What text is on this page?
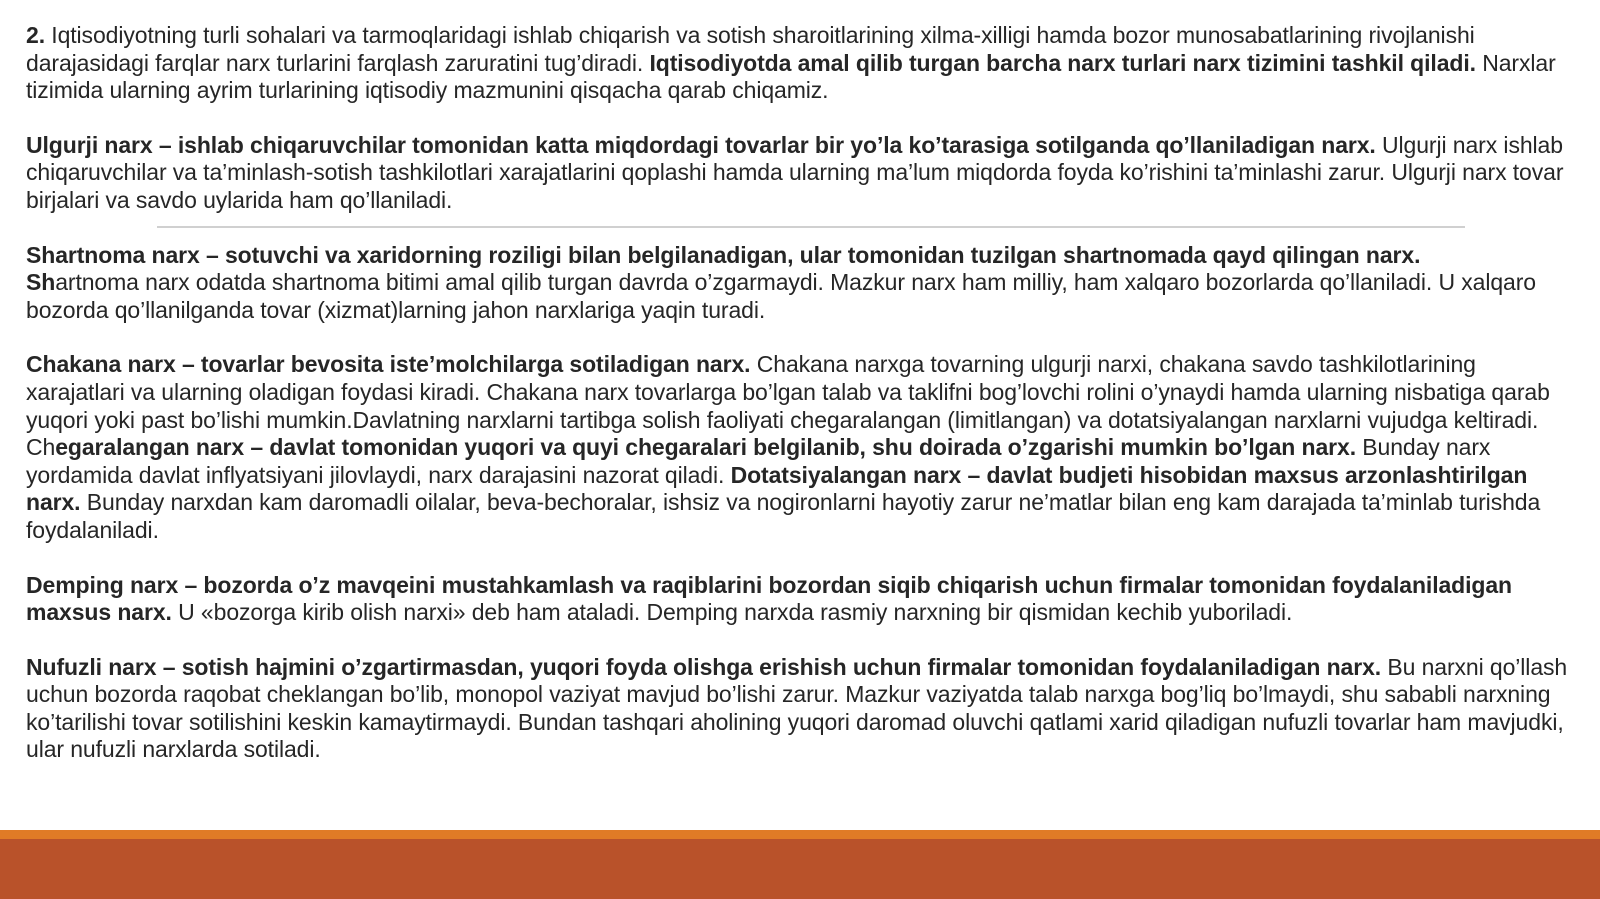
2. Iqtisodiyotning turli sohalari va tarmoqlaridagi ishlab chiqarish va sotish sharoitlarining xilma-xilligi hamda bozor munosabatlarining rivojlanishi darajasidagi farqlar narx turlarini farqlash zaruratini tug’diradi. Iqtisodiyotda amal qilib turgan barcha narx turlari narx tizimini tashkil qiladi. Narxlar tizimida ularning ayrim turlarining iqtisodiy mazmunini qisqacha qarab chiqamiz.

Ulgurji narx – ishlab chiqaruvchilar tomonidan katta miqdordagi tovarlar bir yo’la ko’tarasiga sotilganda qo’llaniladigan narx. Ulgurji narx ishlab chiqaruvchilar va ta’minlash-sotish tashkilotlari xarajatlarini qoplashi hamda ularning ma’lum miqdorda foyda ko’rishini ta’minlashi zarur. Ulgurji narx tovar birjalari va savdo uylarida ham qo’llaniladi.

Shartnoma narx – sotuvchi va xaridorning roziligi bilan belgilanadigan, ular tomonidan tuzilgan shartnomada qayd qilingan narx.
Shartnoma narx odatda shartnoma bitimi amal qilib turgan davrda o’zgarmaydi. Mazkur narx ham milliy, ham xalqaro bozorlarda qo’llaniladi. U xalqaro bozorda qo’llanilganda tovar (xizmat)larning jahon narxlariga yaqin turadi.

Chakana narx – tovarlar bevosita iste’molchilarga sotiladigan narx. Chakana narxga tovarning ulgurji narxi, chakana savdo tashkilotlarining xarajatlari va ularning oladigan foydasi kiradi. Chakana narx tovarlarga bo’lgan talab va taklifni bog’lovchi rolini o’ynaydi hamda ularning nisbatiga qarab yuqori yoki past bo’lishi mumkin.Davlatning narxlarni tartibga solish faoliyati chegaralangan (limitlangan) va dotatsiyalangan narxlarni vujudga keltiradi. Chegaralangan narx – davlat tomonidan yuqori va quyi chegaralari belgilanib, shu doirada o’zgarishi mumkin bo’lgan narx. Bunday narx yordamida davlat inflyatsiyani jilovlaydi, narx darajasini nazorat qiladi. Dotatsiyalangan narx – davlat budjeti hisobidan maxsus arzonlashtirilgan narx. Bunday narxdan kam daromadli oilalar, beva-bechoralar, ishsiz va nogironlarni hayotiy zarur ne’matlar bilan eng kam darajada ta’minlab turishda foydalaniladi.

Demping narx – bozorda o’z mavqeini mustahkamlash va raqiblarini bozordan siqib chiqarish uchun firmalar tomonidan foydalaniladigan maxsus narx. U «bozorga kirib olish narxi» deb ham ataladi. Demping narxda rasmiy narxning bir qismidan kechib yuboriladi.

Nufuzli narx – sotish hajmini o’zgartirmasdan, yuqori foyda olishga erishish uchun firmalar tomonidan foydalaniladigan narx. Bu narxni qo’llash uchun bozorda raqobat cheklangan bo’lib, monopol vaziyat mavjud bo’lishi zarur. Mazkur vaziyatda talab narxga bog’liq bo’lmaydi, shu sababli narxning ko’tarilishi tovar sotilishini keskin kamaytirmaydi. Bundan tashqari aholining yuqori daromad oluvchi qatlami xarid qiladigan nufuzli tovarlar ham mavjudki, ular nufuzli narxlarda sotiladi.
